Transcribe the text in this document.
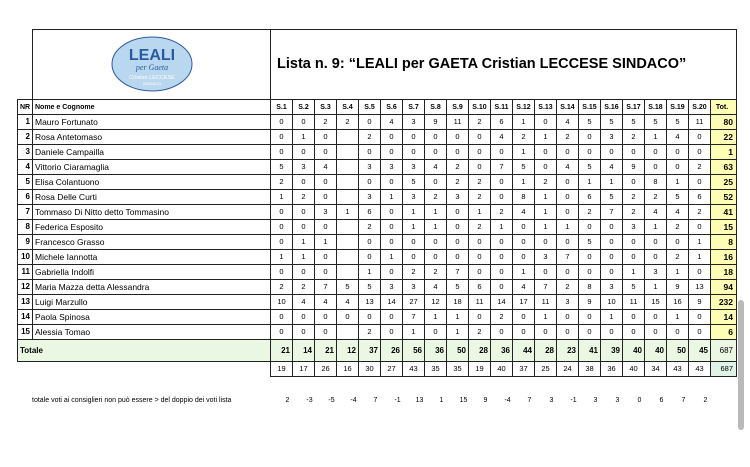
LEALI
per Gaeta
Cristian LECCESE
SINDACO	Lista n. 9: “LEALI per GAETA Cristian LECCESE SINDACO”																				
NR	Nome e Cognome	S.1	S.2	S.3	S.4	S.5	S.6	S.7	S.8	S.9	S.10	S.11	S.12	S.13	S.14	S.15	S.16	S.17	S.18	S.19	S.20	Tot.
1	Mauro Fortunato	0	0	2	2	0	4	3	9	11	2	6	1	0	4	5	5	5	5	5	11	80
2	Rosa Antetomaso	0	1	0		2	0	0	0	0	0	4	2	1	2	0	3	2	1	4	0	22
3	Daniele Campailla	0	0	0		0	0	0	0	0	0	0	1	0	0	0	0	0	0	0	0	1
4	Vittorio Ciaramaglia	5	3	4		3	3	3	4	2	0	7	5	0	4	5	4	9	0	0	2	63
5	Elisa Colantuono	2	0	0		0	0	5	0	2	2	0	1	2	0	1	1	0	8	1	0	25
6	Rosa Delle Curti	1	2	0		3	1	3	2	3	2	0	8	1	0	6	5	2	2	5	6	52
7	Tommaso Di Nitto detto Tommasino	0	0	3	1	6	0	1	1	0	1	2	4	1	0	2	7	2	4	4	2	41
8	Federica Esposito	0	0	0		2	0	1	1	0	2	1	0	1	1	0	0	3	1	2	0	15
9	Francesco Grasso	0	1	1		0	0	0	0	0	0	0	0	0	0	5	0	0	0	0	1	8
10	Michele Iannotta	1	1	0		0	1	0	0	0	0	0	0	3	7	0	0	0	0	2	1	16
11	Gabriella Indolfi	0	0	0		1	0	2	2	7	0	0	1	0	0	0	0	1	3	1	0	18
12	Maria Mazza detta Alessandra	2	2	7	5	5	3	3	4	5	6	0	4	7	2	8	3	5	1	9	13	94
13	Luigi Marzullo	10	4	4	4	13	14	27	12	18	11	14	17	11	3	9	10	11	15	16	9	232
14	Paola Spinosa	0	0	0	0	0	0	7	1	1	0	2	0	1	0	0	1	0	0	1	0	14
15	Alessia Tomao	0	0	0		2	0	1	0	1	2	0	0	0	0	0	0	0	0	0	0	6
Totale		21	14	21	12	37	26	56	36	50	28	36	44	28	23	41	39	40	40	50	45	687
		19	17	26	16	30	27	43	35	35	19	40	37	25	24	38	36	40	34	43	43	687
totale voti ai consiglieri non può essere > del doppio dei voti lista	2	-3	-5	-4	7	-1	13	1	15	9	-4	7	3	-1	3	3	0	6	7	2
